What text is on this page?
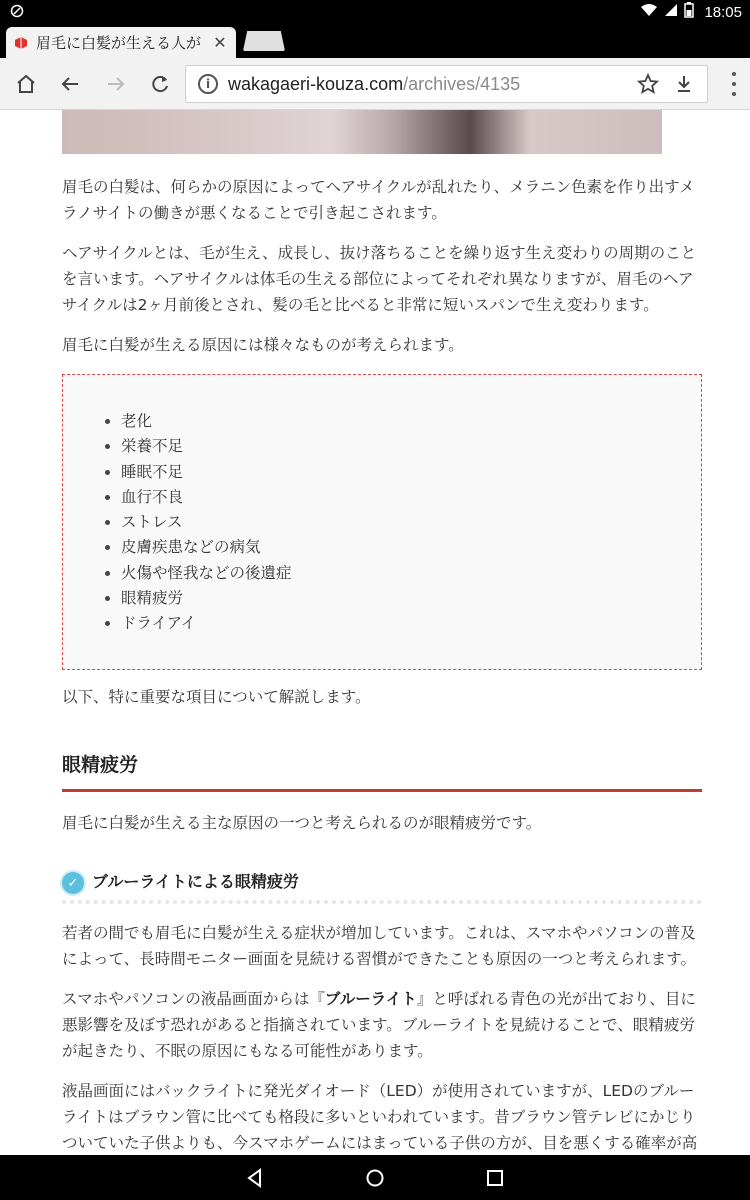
18:05
眉毛に白髪が生える人が ✕
i wakagaeri-kouza.com /archives/4135

眉毛の白髪は、何らかの原因によってヘアサイクルが乱れたり、メラニン色素を作り出すメラノサイトの働きが悪くなることで引き起こされます。

ヘアサイクルとは、毛が生え、成長し、抜け落ちることを繰り返す生え変わりの周期のことを言います。ヘアサイクルは体毛の生える部位によってそれぞれ異なりますが、眉毛のヘアサイクルは2ヶ月前後とされ、髪の毛と比べると非常に短いスパンで生え変わります。

眉毛に白髪が生える原因には様々なものが考えられます。

老化
栄養不足
睡眠不足
血行不良
ストレス
皮膚疾患などの病気
火傷や怪我などの後遺症
眼精疲労
ドライアイ

以下、特に重要な項目について解説します。

眼精疲労

眉毛に白髪が生える主な原因の一つと考えられるのが眼精疲労です。

✓ ブルーライトによる眼精疲労

若者の間でも眉毛に白髪が生える症状が増加しています。これは、スマホやパソコンの普及によって、長時間モニター画面を見続ける習慣ができたことも原因の一つと考えられます。

スマホやパソコンの液晶画面からは『ブルーライト』と呼ばれる青色の光が出ており、目に悪影響を及ぼす恐れがあると指摘されています。ブルーライトを見続けることで、眼精疲労が起きたり、不眠の原因にもなる可能性があります。

液晶画面にはバックライトに発光ダイオード（LED）が使用されていますが、LEDのブルーライトはブラウン管に比べても格段に多いといわれています。昔ブラウン管テレビにかじりついていた子供よりも、今スマホゲームにはまっている子供の方が、目を悪くする確率が高
